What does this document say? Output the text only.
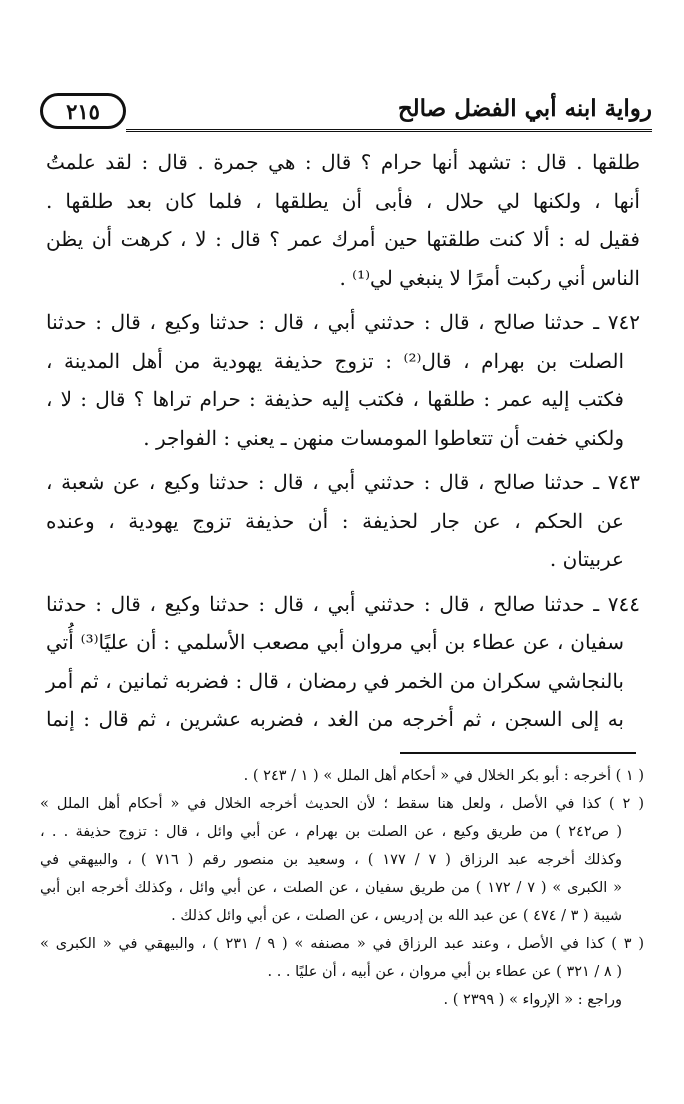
٢١٥	رواية ابنه أبي الفضل صالح
طلقها . قال : تشهد أنها حرام ؟ قال : هي جمرة . قال : لقد علمتُ
أنها ، ولكنها لي حلال ، فأبى أن يطلقها ، فلما كان بعد طلقها .
فقيل له : ألا كنت طلقتها حين أمرك عمر ؟ قال : لا ، كرهت أن يظن
الناس أني ركبت أمرًا لا ينبغي لي⁽¹⁾ .
٧٤٢ ـ حدثنا صالح ، قال : حدثني أبي ، قال : حدثنا وكيع ، قال : حدثنا
الصلت بن بهرام ، قال⁽²⁾ : تزوج حذيفة يهودية من أهل المدينة ،
فكتب إليه عمر : طلقها ، فكتب إليه حذيفة : حرام تراها ؟ قال : لا ،
ولكني خفت أن تتعاطوا المومسات منهن ـ يعني : الفواجر .
٧٤٣ ـ حدثنا صالح ، قال : حدثني أبي ، قال : حدثنا وكيع ، عن شعبة ،
عن الحكم ، عن جار لحذيفة : أن حذيفة تزوج يهودية ، وعنده
عربيتان .
٧٤٤ ـ حدثنا صالح ، قال : حدثني أبي ، قال : حدثنا وكيع ، قال : حدثنا
سفيان ، عن عطاء بن أبي مروان أبي مصعب الأسلمي : أن عليًا⁽³⁾ أُتي
بالنجاشي سكران من الخمر في رمضان ، قال : فضربه ثمانين ، ثم أمر
به إلى السجن ، ثم أخرجه من الغد ، فضربه عشرين ، ثم قال : إنما
( ١ ) أخرجه : أبو بكر الخلال في « أحكام أهل الملل » ( ١ / ٢٤٣ ) .
( ٢ ) كذا في الأصل ، ولعل هنا سقط ؛ لأن الحديث أخرجه الخلال في « أحكام أهل الملل »
( ص٢٤٢ ) من طريق وكيع ، عن الصلت بن بهرام ، عن أبي وائل ، قال : تزوج حذيفة . . ،
وكذلك أخرجه عبد الرزاق ( ٧ / ١٧٧ ) ، وسعيد بن منصور رقم ( ٧١٦ ) ، والبيهقي في
« الكبرى » ( ٧ / ١٧٢ ) من طريق سفيان ، عن الصلت ، عن أبي وائل ، وكذلك أخرجه ابن أبي
شيبة ( ٣ / ٤٧٤ ) عن عبد الله بن إدريس ، عن الصلت ، عن أبي وائل كذلك .
( ٣ ) كذا في الأصل ، وعند عبد الرزاق في « مصنفه » ( ٩ / ٢٣١ ) ، والبيهقي في « الكبرى »
( ٨ / ٣٢١ ) عن عطاء بن أبي مروان ، عن أبيه ، أن عليًا . . .
وراجع : « الإرواء » ( ٢٣٩٩ ) .
